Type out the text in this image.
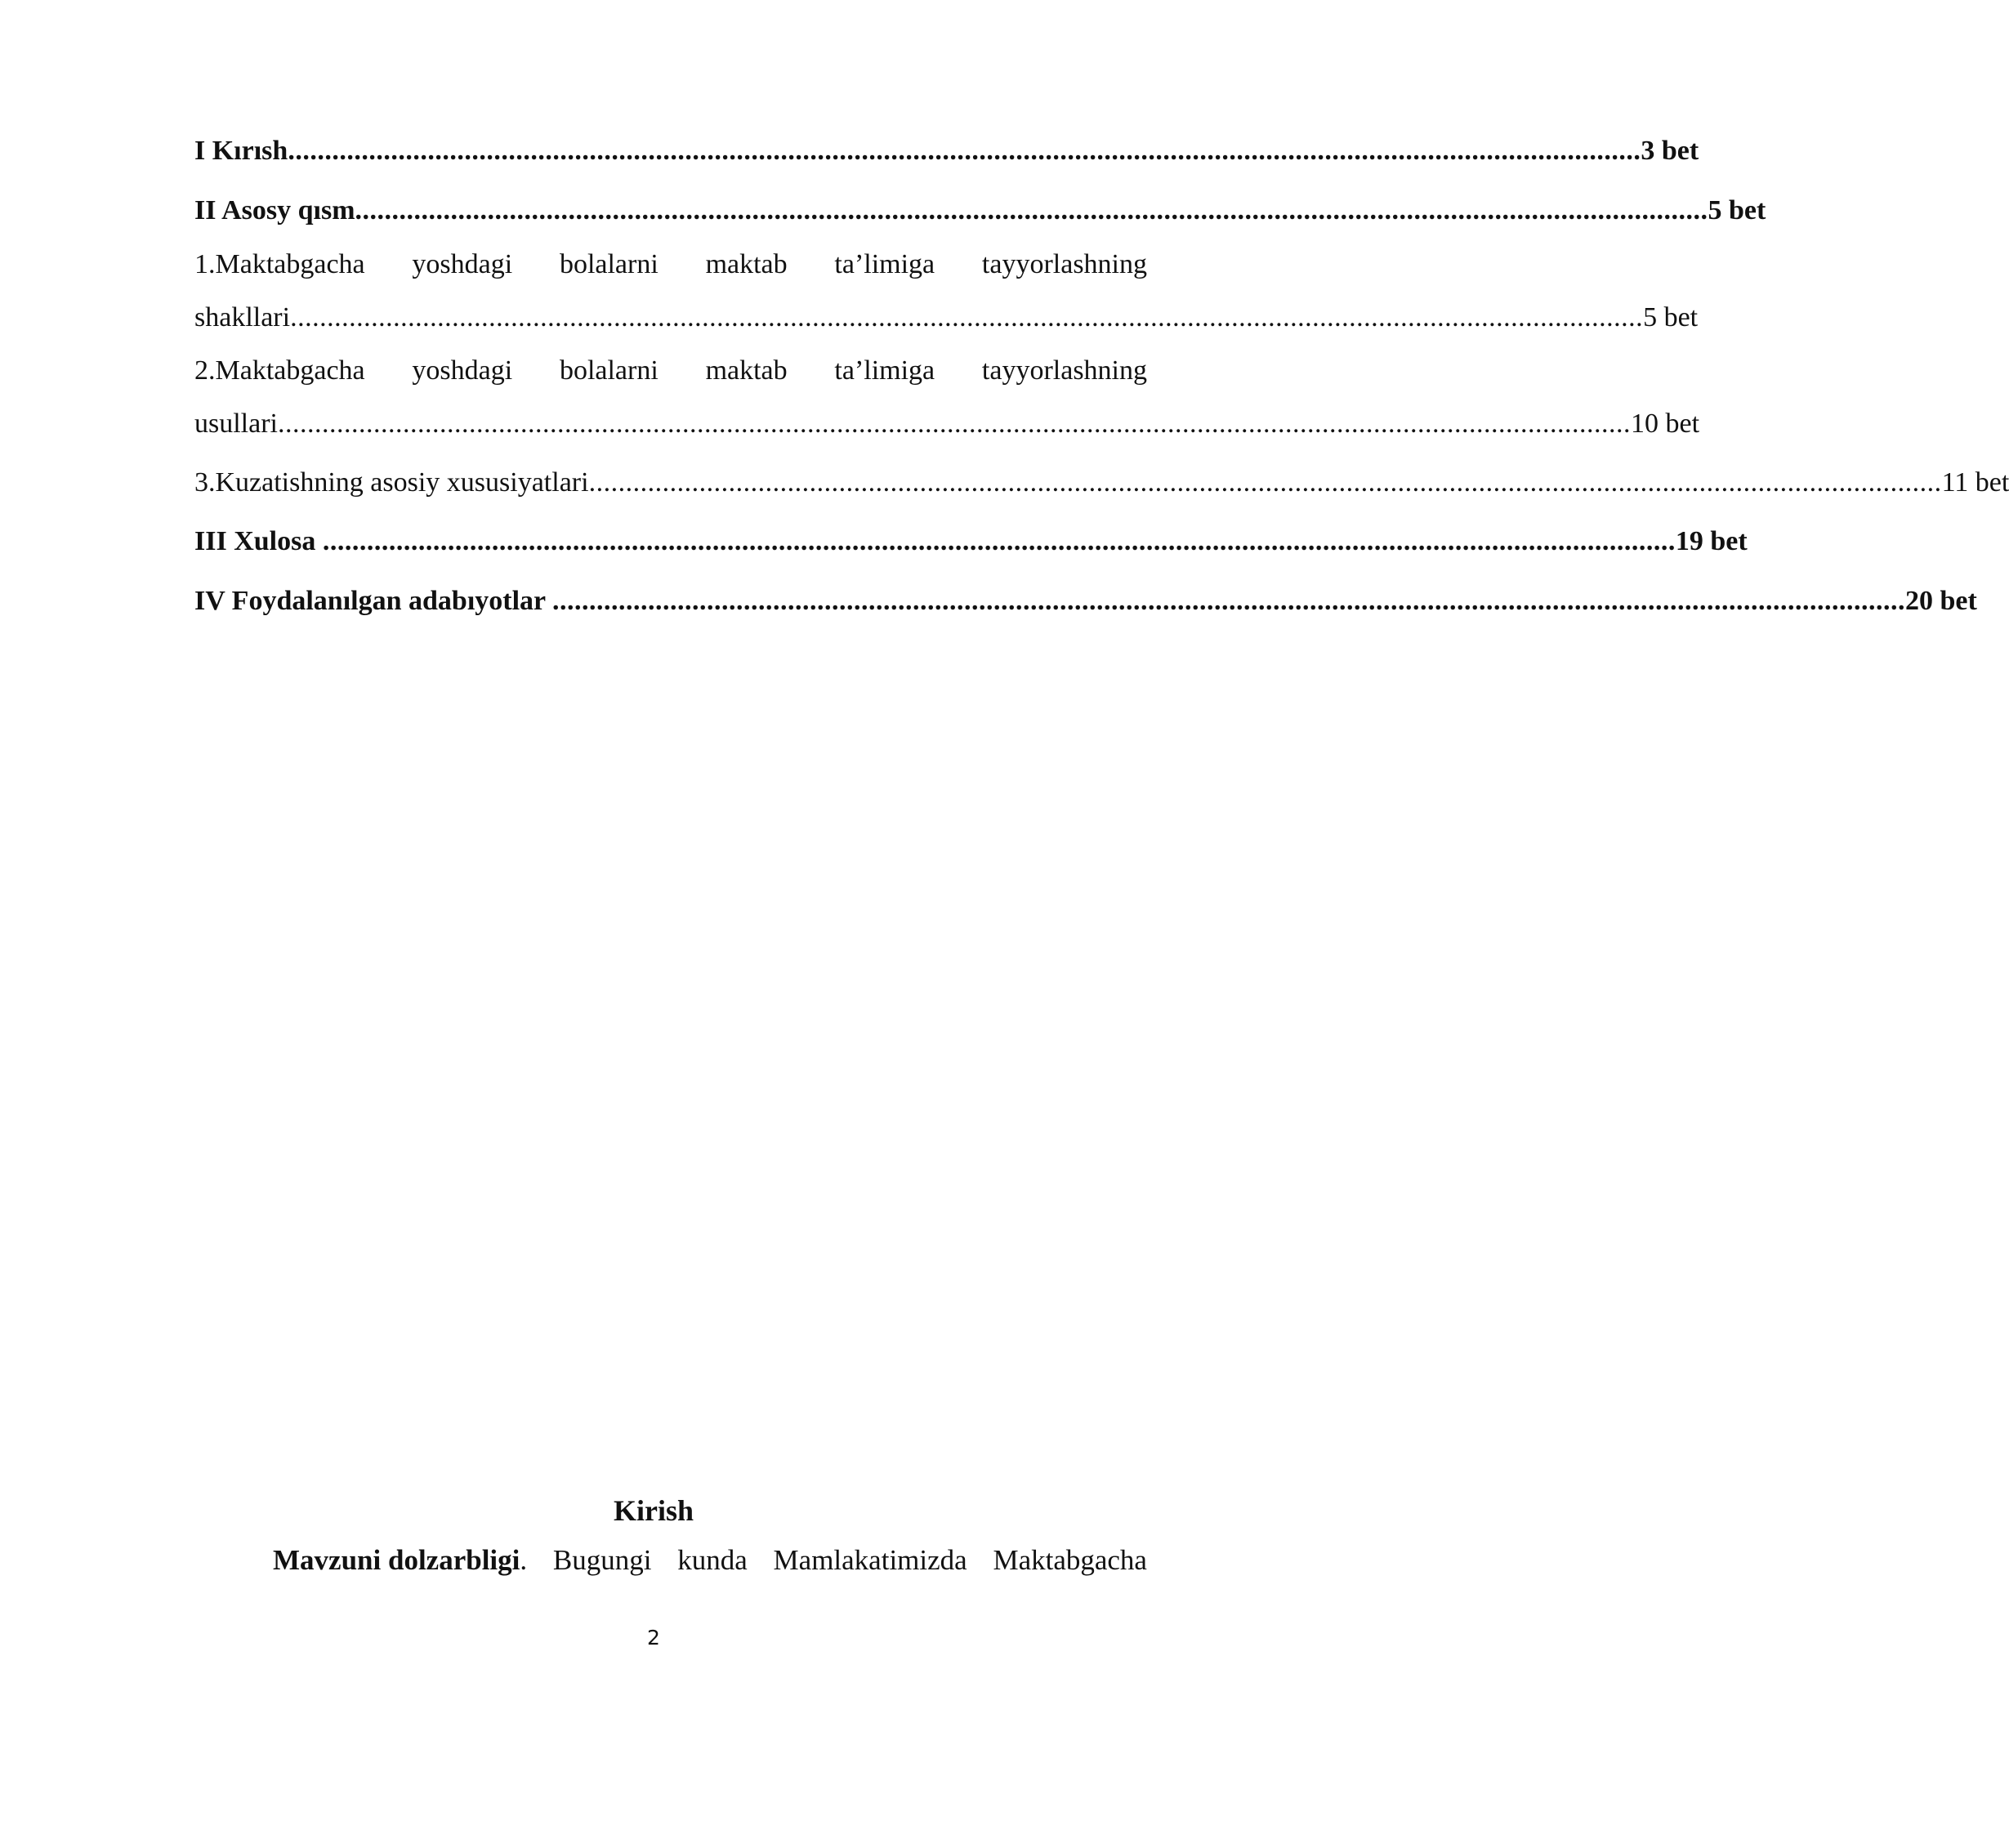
I Kırısh ........................................................................................................................................................................................ 3 bet
II Asosy qısm ........................................................................................................................................................................................ 5 bet
1.Maktabgacha yoshdagi bolalarni maktab ta’limiga tayyorlashning
shakllari ........................................................................................................................................................................................ 5 bet
2.Maktabgacha yoshdagi bolalarni maktab ta’limiga tayyorlashning
usullari ........................................................................................................................................................................................ 10 bet
3.Kuzatishning asosiy xususiyatlari ........................................................................................................................................................................................ 11 bet
III Xulosa ........................................................................................................................................................................................ 19 bet
IV Foydalanılgan adabıyotlar ........................................................................................................................................................................................ 20 bet
Kirish
Mavzuni dolzarbligi. Bugungi kunda Mamlakatimizda Maktabgacha
2
